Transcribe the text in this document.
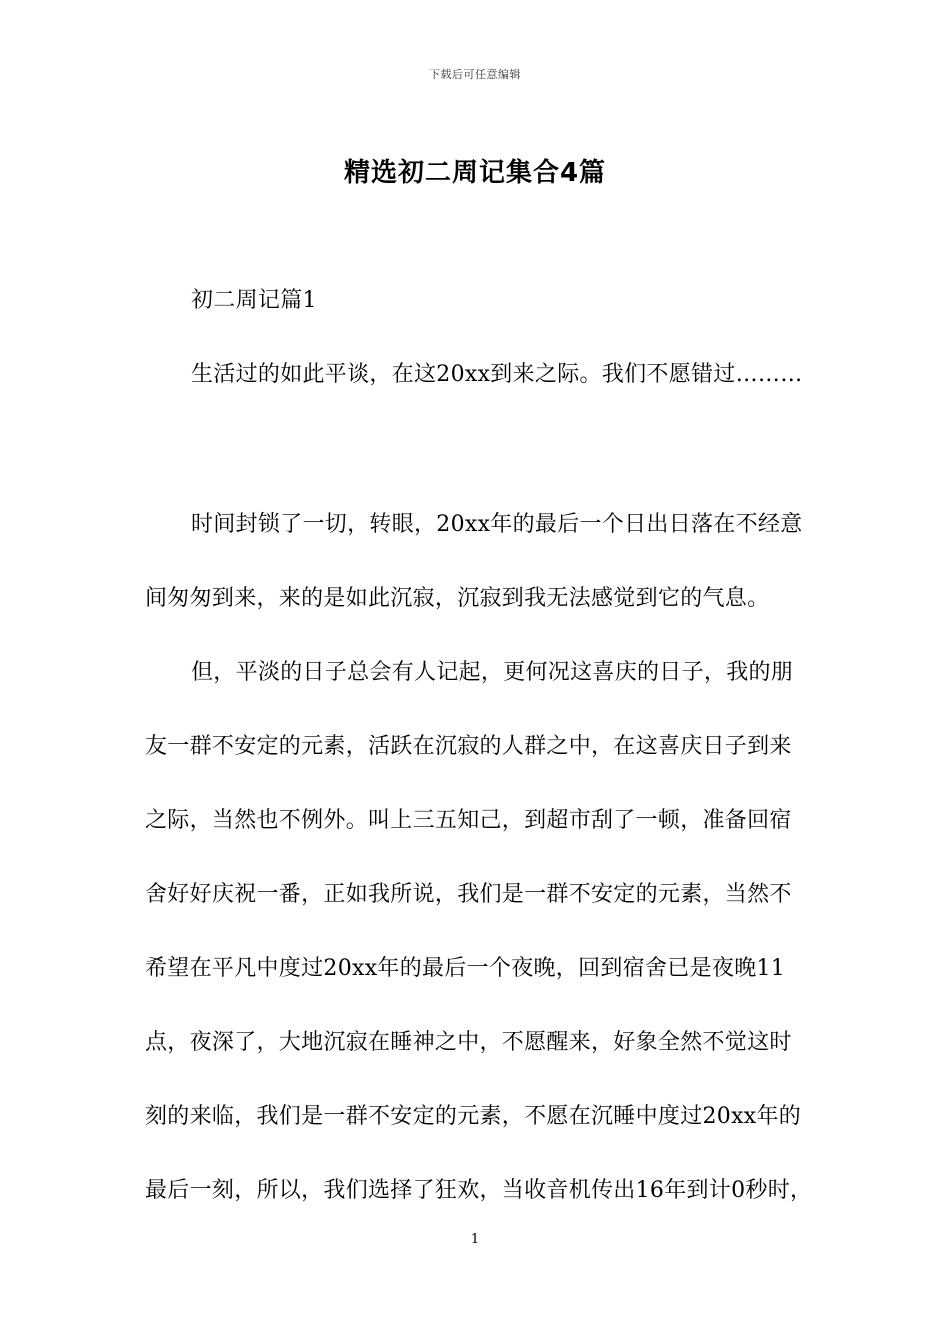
下载后可任意编辑
精选初二周记集合4篇
初二周记篇1
生活过的如此平谈，在这20xx到来之际。我们不愿错过………
时间封锁了一切，转眼，20xx年的最后一个日出日落在不经意
间匆匆到来，来的是如此沉寂，沉寂到我无法感觉到它的气息。
但，平淡的日子总会有人记起，更何况这喜庆的日子，我的朋
友一群不安定的元素，活跃在沉寂的人群之中，在这喜庆日子到来
之际，当然也不例外。叫上三五知己，到超市刮了一顿，准备回宿
舍好好庆祝一番，正如我所说，我们是一群不安定的元素，当然不
希望在平凡中度过20xx年的最后一个夜晚，回到宿舍已是夜晚11
点，夜深了，大地沉寂在睡神之中，不愿醒来，好象全然不觉这时
刻的来临，我们是一群不安定的元素，不愿在沉睡中度过20xx年的
最后一刻，所以，我们选择了狂欢，当收音机传出16年到计0秒时，
1
